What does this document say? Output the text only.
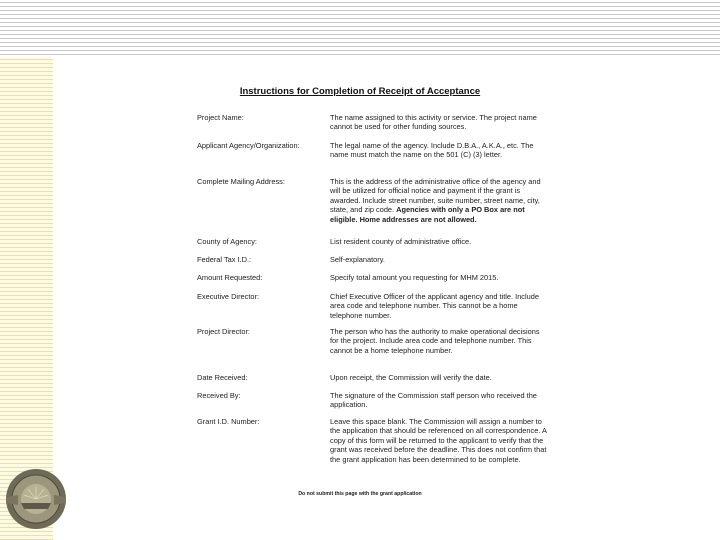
Instructions for Completion of Receipt of Acceptance
Project Name:	The name assigned to this activity or service. The project name cannot be used for other funding sources.
Applicant Agency/Organization:	The legal name of the agency. Include D.B.A., A.K.A., etc. The name must match the name on the 501 (C) (3) letter.
Complete Mailing Address:	This is the address of the administrative office of the agency and will be utilized for official notice and payment if the grant is awarded. Include street number, suite number, street name, city, state, and zip code. Agencies with only a PO Box are not eligible. Home addresses are not allowed.
County of Agency:	List resident county of administrative office.
Federal Tax I.D.:	Self-explanatory.
Amount Requested:	Specify total amount you requesting for MHM 2015.
Executive Director:	Chief Executive Officer of the applicant agency and title. Include area code and telephone number. This cannot be a home telephone number.
Project Director:	The person who has the authority to make operational decisions for the project. Include area code and telephone number. This cannot be a home telephone number.
Date Received:	Upon receipt, the Commission will verify the date.
Received By:	The signature of the Commission staff person who received the application.
Grant I.D. Number:	Leave this space blank. The Commission will assign a number to the application that should be referenced on all correspondence. A copy of this form will be returned to the applicant to verify that the grant was received before the deadline. This does not confirm that the grant application has been determined to be complete.
Do not submit this page with the grant application
